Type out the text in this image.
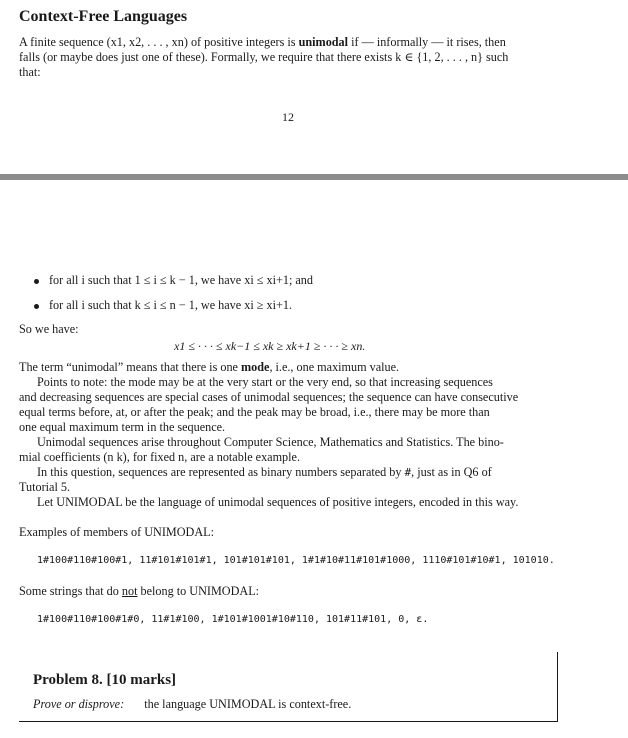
Context-Free Languages
A finite sequence (x1, x2, . . . , xn) of positive integers is unimodal if — informally — it rises, then
falls (or maybe does just one of these). Formally, we require that there exists k ∈ {1, 2, . . . , n} such
that:
12
for all i such that 1 ≤ i ≤ k − 1, we have xi ≤ xi+1; and
for all i such that k ≤ i ≤ n − 1, we have xi ≥ xi+1.
So we have:
x1 ≤ · · · ≤ xk−1 ≤ xk ≥ xk+1 ≥ · · · ≥ xn.
The term “unimodal” means that there is one mode, i.e., one maximum value.
Points to note: the mode may be at the very start or the very end, so that increasing sequences
and decreasing sequences are special cases of unimodal sequences; the sequence can have consecutive
equal terms before, at, or after the peak; and the peak may be broad, i.e., there may be more than
one equal maximum term in the sequence.
Unimodal sequences arise throughout Computer Science, Mathematics and Statistics. The bino-
mial coefficients (n k), for fixed n, are a notable example.
In this question, sequences are represented as binary numbers separated by #, just as in Q6 of
Tutorial 5.
Let UNIMODAL be the language of unimodal sequences of positive integers, encoded in this way.
Examples of members of UNIMODAL:
1#100#110#100#1, 11#101#101#1, 101#101#101, 1#1#10#11#101#1000, 1110#101#10#1, 101010.
Some strings that do not belong to UNIMODAL:
1#100#110#100#1#0, 11#1#100, 1#101#1001#10#110, 101#11#101, 0, ε.
Problem 8. [10 marks]
Prove or disprove: the language UNIMODAL is context-free.
